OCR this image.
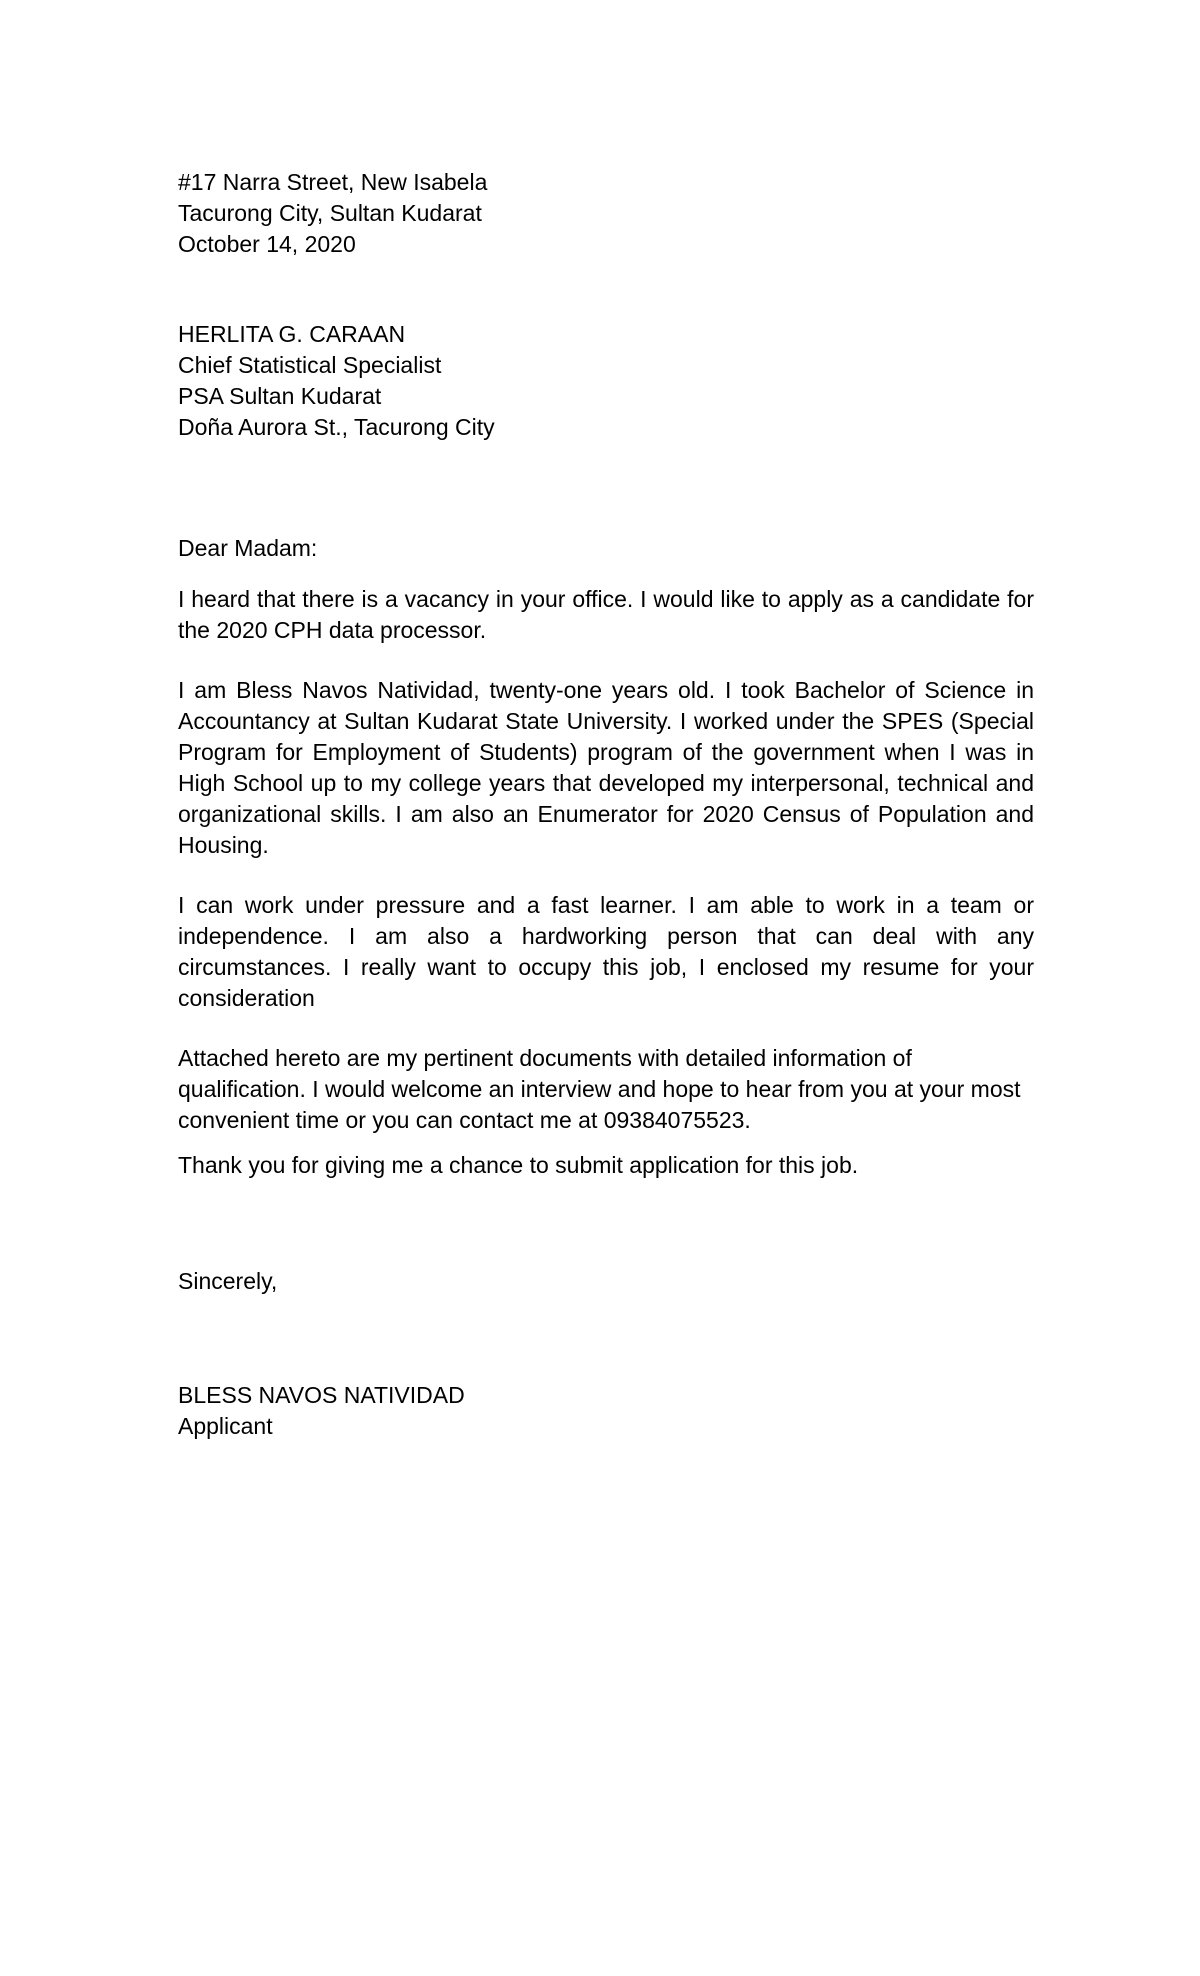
#17 Narra Street, New Isabela
Tacurong City, Sultan Kudarat
October 14, 2020
HERLITA G. CARAAN
Chief Statistical Specialist
PSA Sultan Kudarat
Doña Aurora St., Tacurong City

Dear Madam:

I heard that there is a vacancy in your office. I would like to apply as a candidate for the 2020 CPH data processor.

I am Bless Navos Natividad, twenty-one years old. I took Bachelor of Science in Accountancy at Sultan Kudarat State University. I worked under the SPES (Special Program for Employment of Students) program of the government when I was in High School up to my college years that developed my interpersonal, technical and organizational skills. I am also an Enumerator for 2020 Census of Population and Housing.

I can work under pressure and a fast learner. I am able to work in a team or independence. I am also a hardworking person that can deal with any circumstances. I really want to occupy this job, I enclosed my resume for your consideration

Attached hereto are my pertinent documents with detailed information of qualification. I would welcome an interview and hope to hear from you at your most convenient time or you can contact me at 09384075523.

Thank you for giving me a chance to submit application for this job.

Sincerely,

BLESS NAVOS NATIVIDAD
Applicant
